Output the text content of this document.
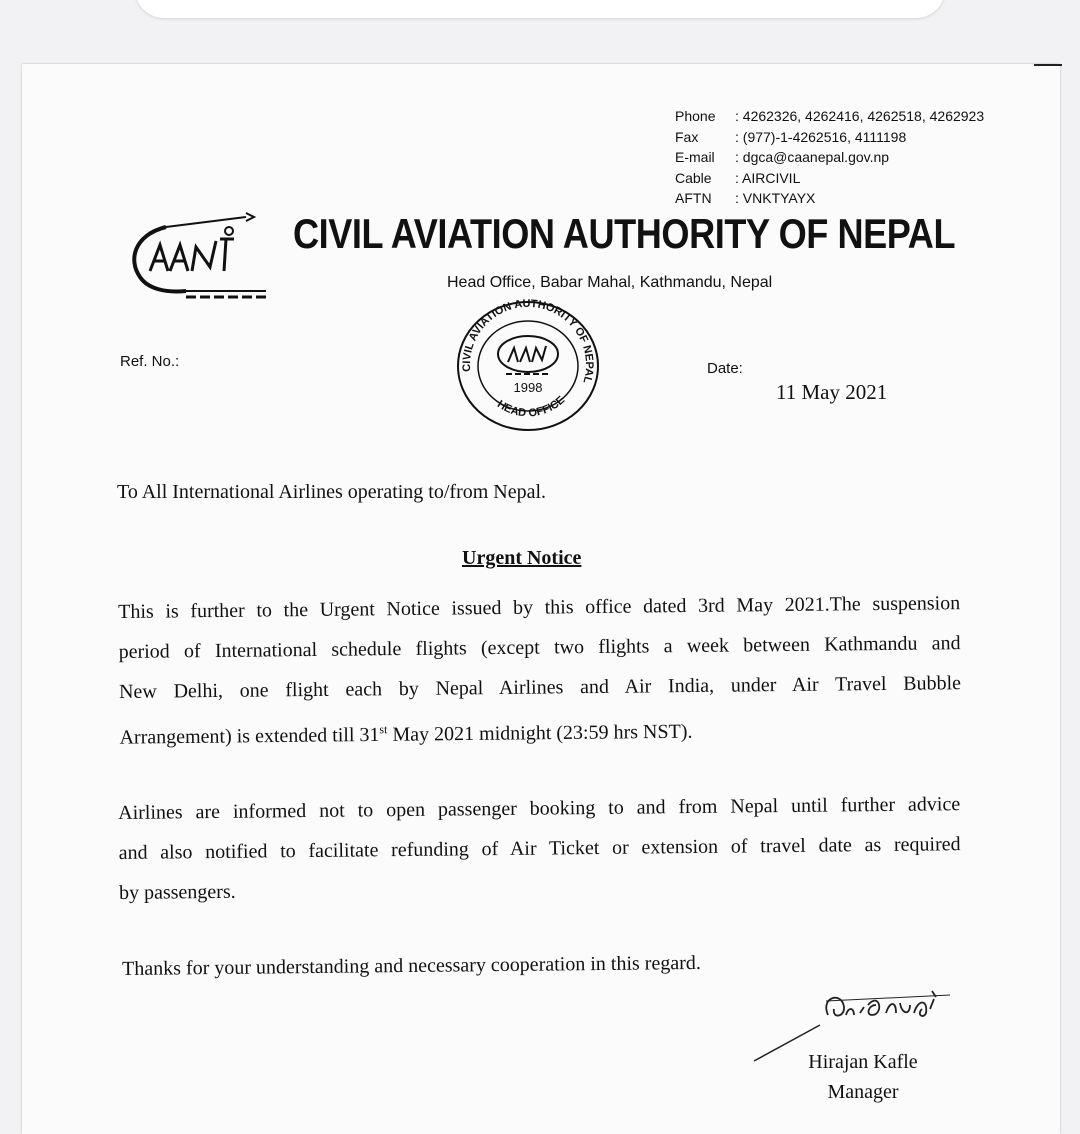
Phone	: 4262326, 4262416, 4262518, 4262923
Fax	: (977)-1-4262516, 4111198
E-mail	: dgca@caanepal.gov.np
Cable	: AIRCIVIL
AFTN	: VNKTYAYX
CIVIL AVIATION AUTHORITY OF NEPAL
Head Office, Babar Mahal, Kathmandu, Nepal
CIVIL AVIATION AUTHORITY OF NEPAL
HEAD OFFICE
1998
Ref. No.:	Date:
11 May 2021
To All International Airlines operating to/from Nepal.
Urgent Notice
This is further to the Urgent Notice issued by this office dated 3rd May 2021.The suspension
period of International schedule flights (except two flights a week between Kathmandu and
New Delhi, one flight each by Nepal Airlines and Air India, under Air Travel Bubble
Arrangement) is extended till 31st May 2021 midnight (23:59 hrs NST).
Airlines are informed not to open passenger booking to and from Nepal until further advice
and also notified to facilitate refunding of Air Ticket or extension of travel date as required
by passengers.
Thanks for your understanding and necessary cooperation in this regard.
Hirajan Kafle
Manager
